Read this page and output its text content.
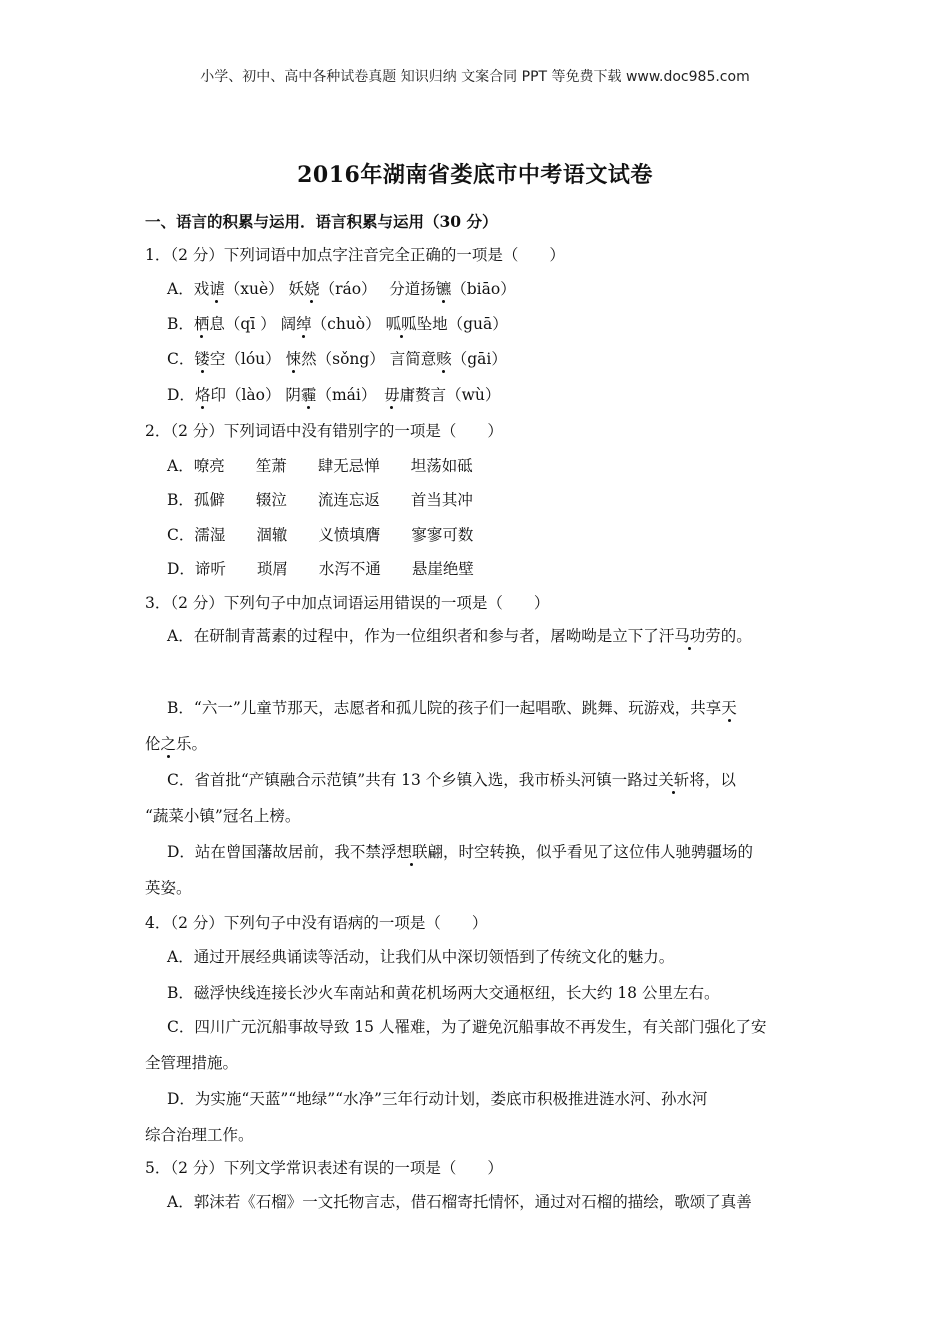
小学、初中、高中各种试卷真题 知识归纳 文案合同 PPT 等免费下载 www.doc985.com
2016年湖南省娄底市中考语文试卷
一、语言的积累与运用．语言积累与运用（30 分）
1．（2 分）下列词语中加点字注音完全正确的一项是（　　）
A．戏谑（xuè） 妖娆（ráo）　 分道扬镳（biāo）
B．栖息（qī ） 阔绰（chuò） 呱呱坠地（guā）
C．镂空（lóu） 悚然（sǒng） 言简意赅（gāi）
D．烙印（lào） 阴霾（mái）　毋庸赘言（wù）
2．（2 分）下列词语中没有错别字的一项是（　　）
A．嘹亮　　笙萧　　肆无忌惮　　坦荡如砥
B．孤僻　　辍泣　　流连忘返　　首当其冲
C．濡湿　　涸辙　　义愤填膺　　寥寥可数
D．谛听　　琐屑　　水泻不通　　悬崖绝壁
3．（2 分）下列句子中加点词语运用错误的一项是（　　）
A．在研制青蒿素的过程中，作为一位组织者和参与者，屠呦呦是立下了汗马功劳的。
B．“六一”儿童节那天，志愿者和孤儿院的孩子们一起唱歌、跳舞、玩游戏，共享天
伦之乐。
C．省首批“产镇融合示范镇”共有 13 个乡镇入选，我市桥头河镇一路过关斩将，以
“蔬菜小镇”冠名上榜。
D．站在曾国藩故居前，我不禁浮想联翩，时空转换，似乎看见了这位伟人驰骋疆场的
英姿。
4．（2 分）下列句子中没有语病的一项是（　　）
A．通过开展经典诵读等活动，让我们从中深切领悟到了传统文化的魅力。
B．磁浮快线连接长沙火车南站和黄花机场两大交通枢纽，长大约 18 公里左右。
C．四川广元沉船事故导致 15 人罹难，为了避免沉船事故不再发生，有关部门强化了安
全管理措施。
D．为实施“天蓝”“地绿”“水净”三年行动计划，娄底市积极推进涟水河、孙水河
综合治理工作。
5．（2 分）下列文学常识表述有误的一项是（　　）
A．郭沫若《石榴》一文托物言志，借石榴寄托情怀，通过对石榴的描绘，歌颂了真善
